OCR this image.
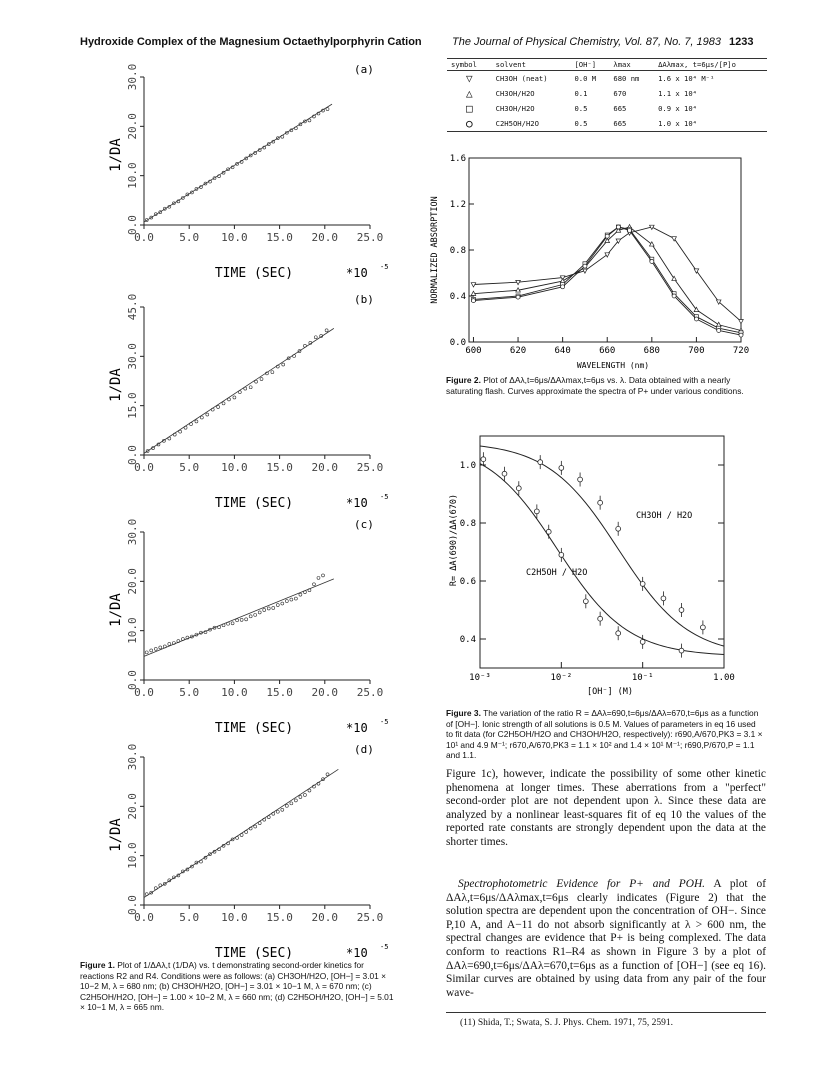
Hydroxide Complex of the Magnesium Octaethylporphyrin Cation	The Journal of Physical Chemistry, Vol. 87, No. 7, 1983 1233
(a)
1/DA
TIME (SEC)	*10 -5
0.0
10.0
20.0
30.0
0.0 5.0 10.0 15.0 20.0 25.0
(b)
1/DA
TIME (SEC)	*10 -5
0.0
15.0
30.0
45.0
0.0 5.0 10.0 15.0 20.0 25.0
(c)
1/DA
TIME (SEC)	*10 -5
0.0
10.0
20.0
30.0
0.0 5.0 10.0 15.0 20.0 25.0
(d)
1/DA
TIME (SEC)	*10 -5
0.0
10.0
20.0
30.0
0.0 5.0 10.0 15.0 20.0 25.0
Figure 1. Plot of 1/ΔAλ,t (1/DA) vs. t demonstrating second-order kinetics for reactions R2 and R4. Conditions were as follows: (a) CH3OH/H2O, [OH−] = 3.01 × 10−2 M, λ = 680 nm; (b) CH3OH/H2O, [OH−] = 3.01 × 10−1 M, λ = 670 nm; (c) C2H5OH/H2O, [OH−] = 1.00 × 10−2 M, λ = 660 nm; (d) C2H5OH/H2O, [OH−] = 5.01 × 10−1 M, λ = 665 nm.
symbol	solvent	[OH⁻]	λmax	ΔAλmax, t=6μs/[P]o
▽	CH3OH (neat)	0.0 M	680 nm	1.6 x 10⁴ M⁻¹
△	CH3OH/H2O	0.1	670	1.1 x 10⁴
□	CH3OH/H2O	0.5	665	0.9 x 10⁴
○	C2H5OH/H2O	0.5	665	1.0 x 10⁴
NORMALIZED ABSORPTION
WAVELENGTH (nm)
0.0
0.4
0.8
1.2
1.6
600	620	640	660	680	700	720
Figure 2. Plot of ΔAλ,t=6μs/ΔAλmax,t=6μs vs. λ. Data obtained with a nearly saturating flash. Curves approximate the spectra of P+ under various conditions.
R= ΔA(690)/ΔA(670)
[OH⁻] (M)
CH3OH / H2O
C2H5OH / H2O
0.4
0.6
0.8
1.0
10⁻³	10⁻²	10⁻¹	1.00
Figure 3. The variation of the ratio R = ΔAλ=690,t=6μs/ΔAλ=670,t=6μs as a function of [OH−]. Ionic strength of all solutions is 0.5 M. Values of parameters in eq 16 used to fit data (for C2H5OH/H2O and CH3OH/H2O, respectively): r690,A/670,PK3 = 3.1 × 10¹ and 4.9 M⁻¹; r670,A/670,PK3 = 1.1 × 10² and 1.4 × 10¹ M⁻¹; r690,P/670,P = 1.1 and 1.1.
Figure 1c), however, indicate the possibility of some other kinetic phenomena at longer times. These aberrations from a "perfect" second-order plot are not dependent upon λ. Since these data are analyzed by a nonlinear least-squares fit of eq 10 the values of the reported rate constants are strongly dependent upon the data at the shorter times.
Spectrophotometric Evidence for P+ and POH. A plot of ΔAλ,t=6μs/ΔAλmax,t=6μs clearly indicates (Figure 2) that the solution spectra are dependent upon the concentration of OH−. Since P,10 A, and A−11 do not absorb significantly at λ > 600 nm, the spectral changes are evidence that P+ is being complexed. The data conform to reactions R1–R4 as shown in Figure 3 by a plot of ΔAλ=690,t=6μs/ΔAλ=670,t=6μs as a function of [OH−] (see eq 16). Similar curves are obtained by using data from any pair of the four wave-
(11) Shida, T.; Swata, S. J. Phys. Chem. 1971, 75, 2591.
